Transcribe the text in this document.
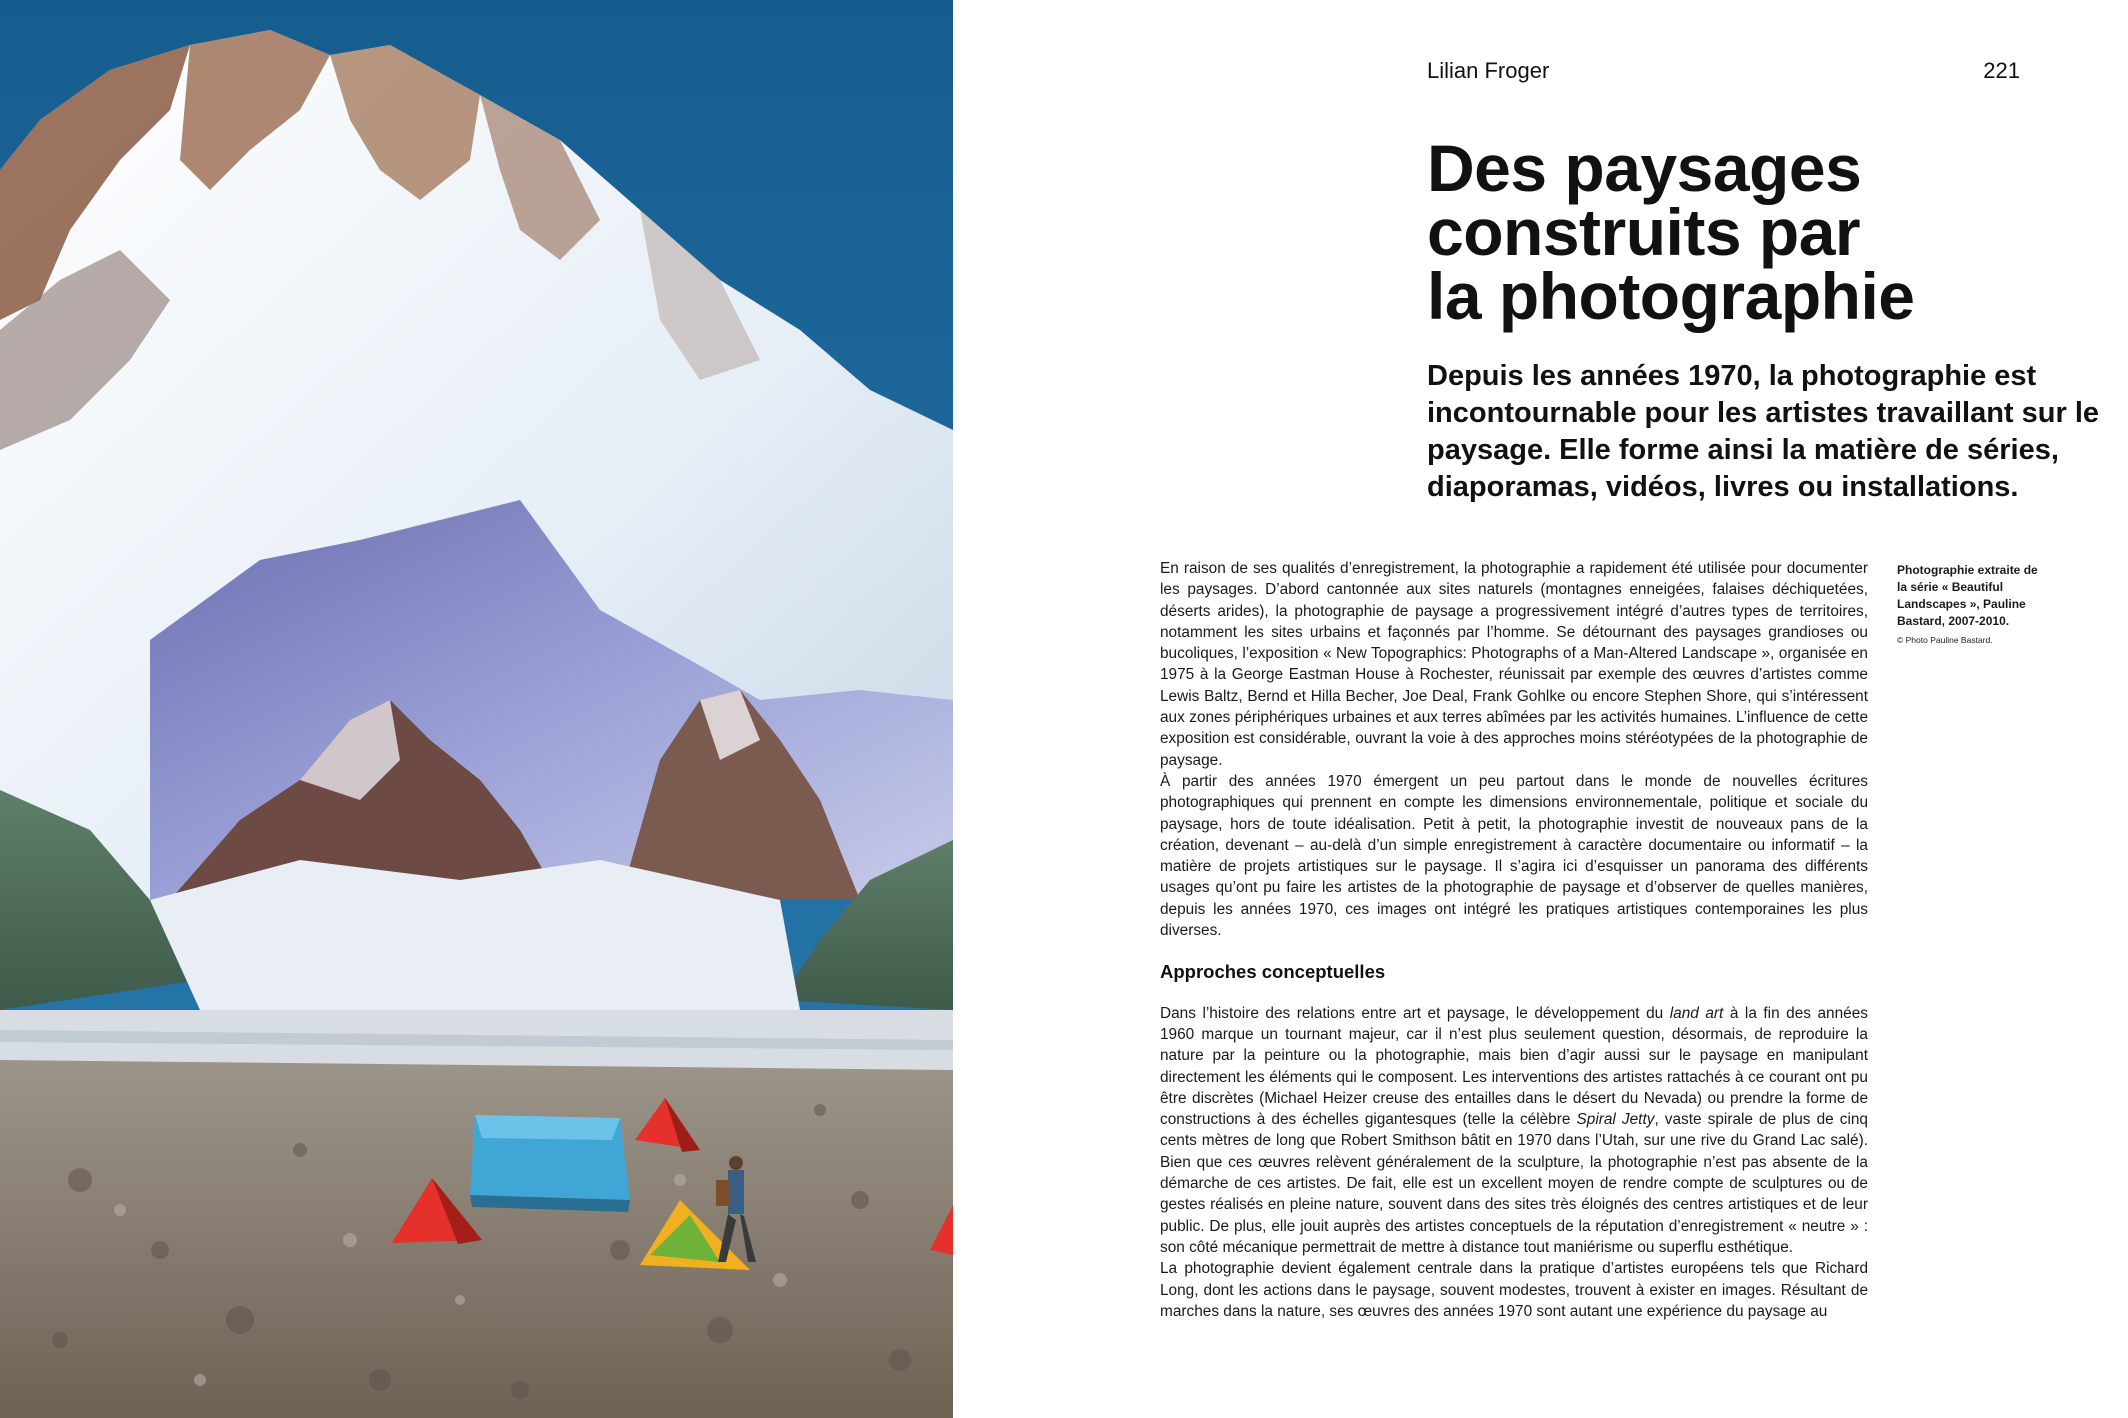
Lilian Froger	221
Des paysages
construits par
la photographie

Depuis les années 1970, la photographie est incontournable pour les artistes travaillant sur le paysage. Elle forme ainsi la matière de séries, diaporamas, vidéos, livres ou installations.

En raison de ses qualités d’enregistrement, la photographie a rapidement été utilisée pour documenter les paysages. D’abord cantonnée aux sites naturels (montagnes enneigées, falaises déchiquetées, déserts arides), la photographie de paysage a progressivement intégré d’autres types de territoires, notamment les sites urbains et façonnés par l’homme. Se détournant des paysages grandioses ou bucoliques, l’exposition « New Topographics: Photographs of a Man-Altered Landscape », organisée en 1975 à la George Eastman House à Rochester, réunissait par exemple des œuvres d’artistes comme Lewis Baltz, Bernd et Hilla Becher, Joe Deal, Frank Gohlke ou encore Stephen Shore, qui s’intéressent aux zones périphériques urbaines et aux terres abîmées par les activités humaines. L’influence de cette exposition est considérable, ouvrant la voie à des approches moins stéréotypées de la photographie de paysage.

À partir des années 1970 émergent un peu partout dans le monde de nouvelles écritures photographiques qui prennent en compte les dimensions environnementale, politique et sociale du paysage, hors de toute idéalisation. Petit à petit, la photographie investit de nouveaux pans de la création, devenant – au-delà d’un simple enregistrement à caractère documentaire ou informatif – la matière de projets artistiques sur le paysage. Il s’agira ici d’esquisser un panorama des différents usages qu’ont pu faire les artistes de la photographie de paysage et d’observer de quelles manières, depuis les années 1970, ces images ont intégré les pratiques artistiques contemporaines les plus diverses.

Approches conceptuelles

Dans l’histoire des relations entre art et paysage, le développement du land art à la fin des années 1960 marque un tournant majeur, car il n’est plus seulement question, désormais, de reproduire la nature par la peinture ou la photographie, mais bien d’agir aussi sur le paysage en manipulant directement les éléments qui le composent. Les interventions des artistes rattachés à ce courant ont pu être discrètes (Michael Heizer creuse des entailles dans le désert du Nevada) ou prendre la forme de constructions à des échelles gigantesques (telle la célèbre Spiral Jetty, vaste spirale de plus de cinq cents mètres de long que Robert Smithson bâtit en 1970 dans l’Utah, sur une rive du Grand Lac salé). Bien que ces œuvres relèvent généralement de la sculpture, la photographie n’est pas absente de la démarche de ces artistes. De fait, elle est un excellent moyen de rendre compte de sculptures ou de gestes réalisés en pleine nature, souvent dans des sites très éloignés des centres artistiques et de leur public. De plus, elle jouit auprès des artistes conceptuels de la réputation d’enregistrement « neutre » : son côté mécanique permettrait de mettre à distance tout maniérisme ou superflu esthétique.

La photographie devient également centrale dans la pratique d’artistes européens tels que Richard Long, dont les actions dans le paysage, souvent modestes, trouvent à exister en images. Résultant de marches dans la nature, ses œuvres des années 1970 sont autant une expérience du paysage au

Photographie extraite de la série « Beautiful Landscapes », Pauline Bastard, 2007-2010.
© Photo Pauline Bastard.
